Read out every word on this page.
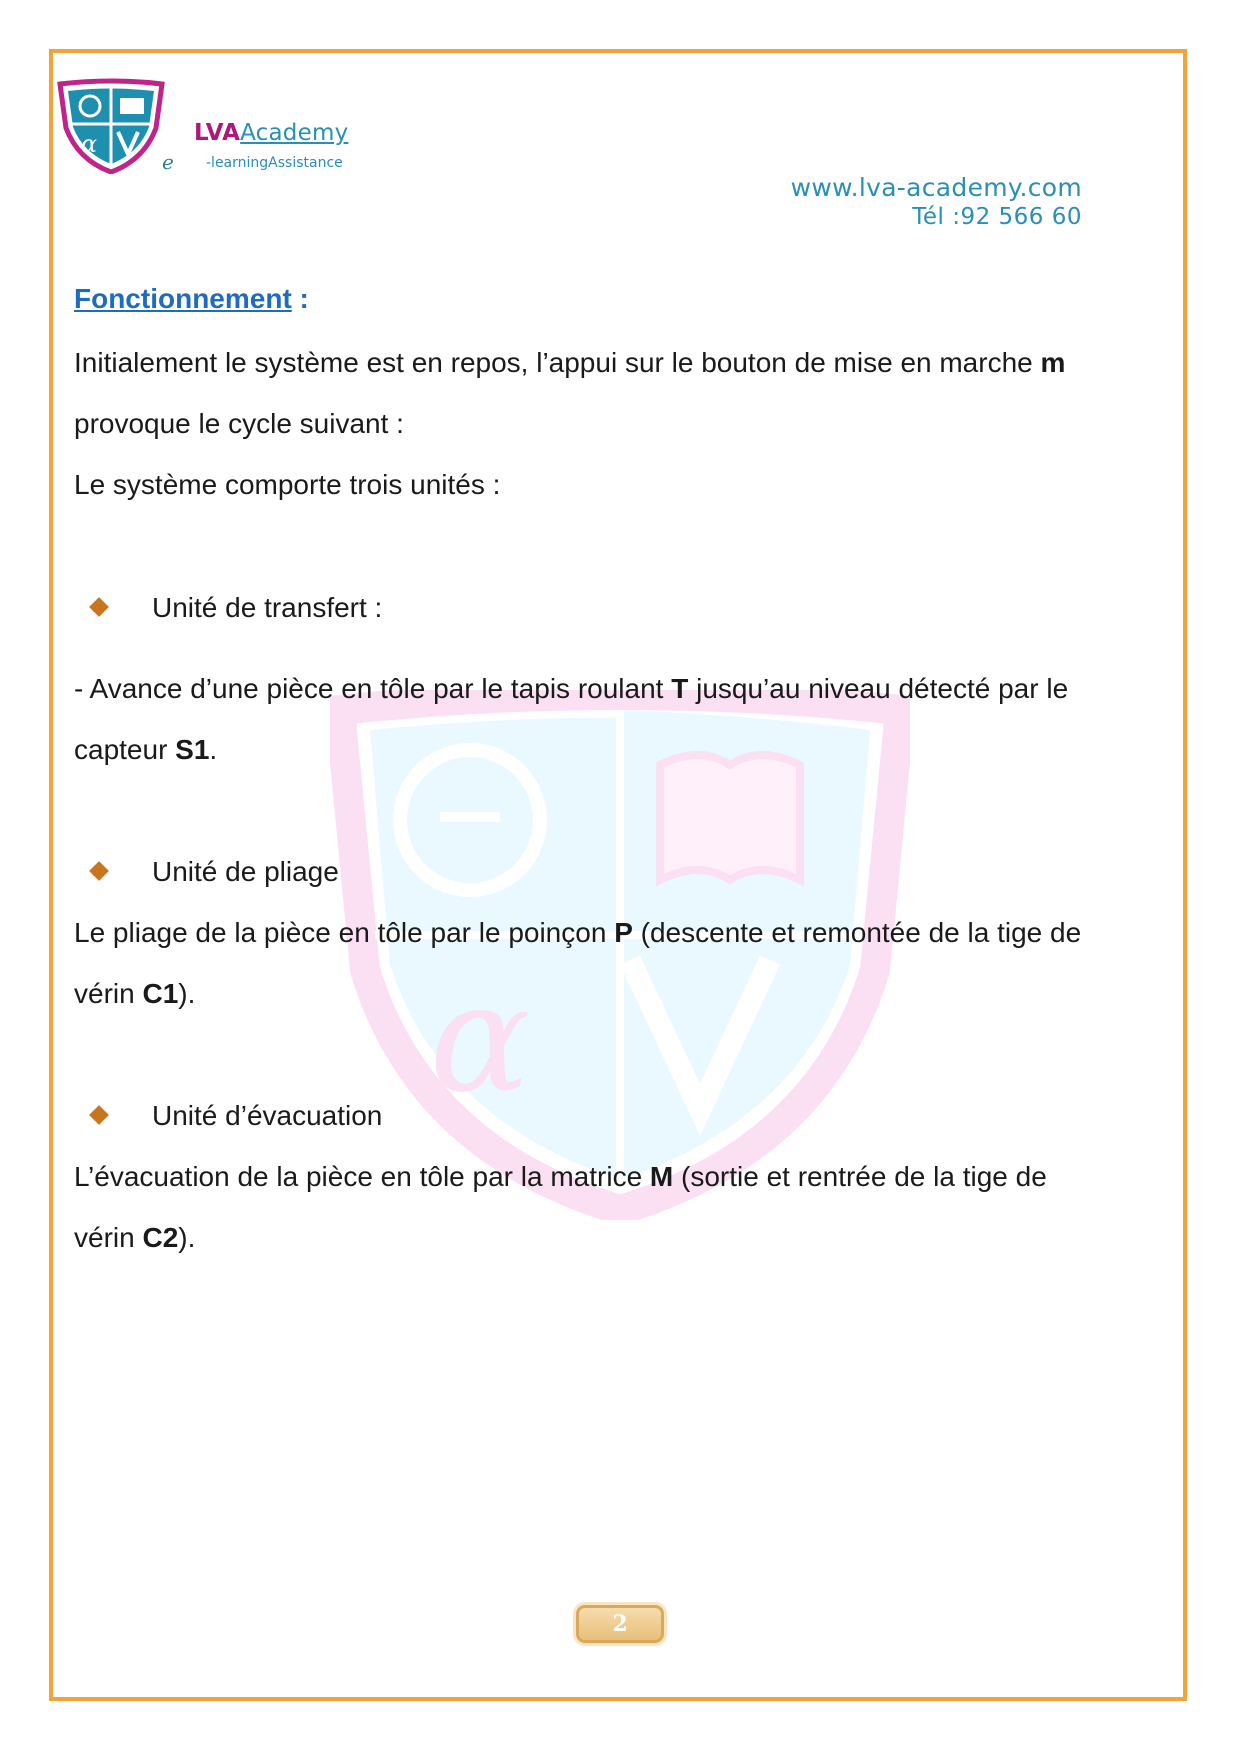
α
α	LVAAcademy
e -learningAssistance
www.lva-academy.com
Tél :92 566 60
Fonctionnement :
Initialement le système est en repos, l’appui sur le bouton de mise en marche m
provoque le cycle suivant :
Le système comporte trois unités :
Unité de transfert :
- Avance d’une pièce en tôle par le tapis roulant T jusqu’au niveau détecté par le
capteur S1.
Unité de pliage
Le pliage de la pièce en tôle par le poinçon P (descente et remontée de la tige de
vérin C1).
Unité d’évacuation
L’évacuation de la pièce en tôle par la matrice M (sortie et rentrée de la tige de
vérin C2).
2
